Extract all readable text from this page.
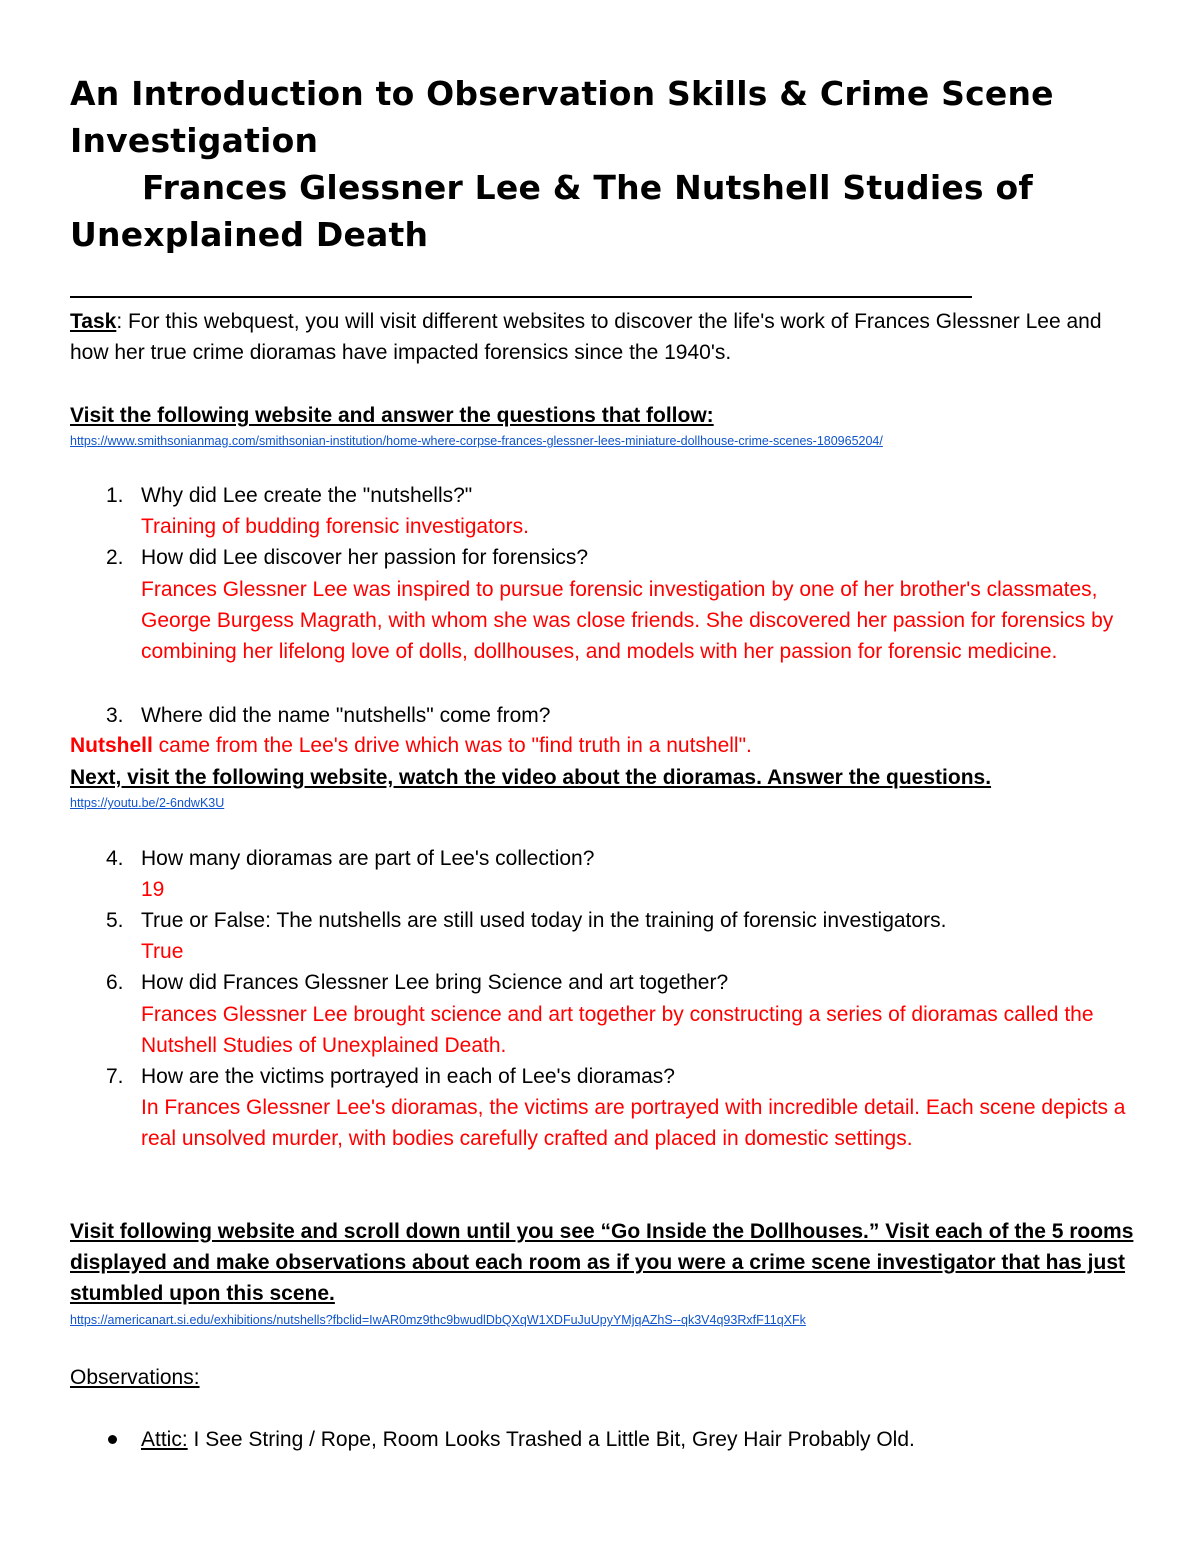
An Introduction to Observation Skills & Crime Scene
Investigation
Frances Glessner Lee & The Nutshell Studies of
Unexplained Death
Task: For this webquest, you will visit different websites to discover the life's work of Frances Glessner Lee and how her true crime dioramas have impacted forensics since the 1940's.
Visit the following website and answer the questions that follow:
https://www.smithsonianmag.com/smithsonian-institution/home-where-corpse-frances-glessner-lees-miniature-dollhouse-crime-scenes-180965204/
1. Why did Lee create the "nutshells?"
Training of budding forensic investigators.
2. How did Lee discover her passion for forensics?
Frances Glessner Lee was inspired to pursue forensic investigation by one of her brother's classmates, George Burgess Magrath, with whom she was close friends. She discovered her passion for forensics by combining her lifelong love of dolls, dollhouses, and models with her passion for forensic medicine.
3. Where did the name "nutshells" come from?
Nutshell came from the Lee's drive which was to "find truth in a nutshell".
Next, visit the following website, watch the video about the dioramas. Answer the questions.
https://youtu.be/2-6ndwK3U
4. How many dioramas are part of Lee's collection?
19
5. True or False: The nutshells are still used today in the training of forensic investigators.
True
6. How did Frances Glessner Lee bring Science and art together?
Frances Glessner Lee brought science and art together by constructing a series of dioramas called the Nutshell Studies of Unexplained Death.
7. How are the victims portrayed in each of Lee's dioramas?
In Frances Glessner Lee's dioramas, the victims are portrayed with incredible detail. Each scene depicts a real unsolved murder, with bodies carefully crafted and placed in domestic settings.
Visit following website and scroll down until you see “Go Inside the Dollhouses.” Visit each of the 5 rooms displayed and make observations about each room as if you were a crime scene investigator that has just stumbled upon this scene.
https://americanart.si.edu/exhibitions/nutshells?fbclid=IwAR0mz9thc9bwudlDbQXqW1XDFuJuUpyYMjqAZhS--qk3V4q93RxfF11qXFk
Observations:
Attic: I See String / Rope, Room Looks Trashed a Little Bit, Grey Hair Probably Old.
